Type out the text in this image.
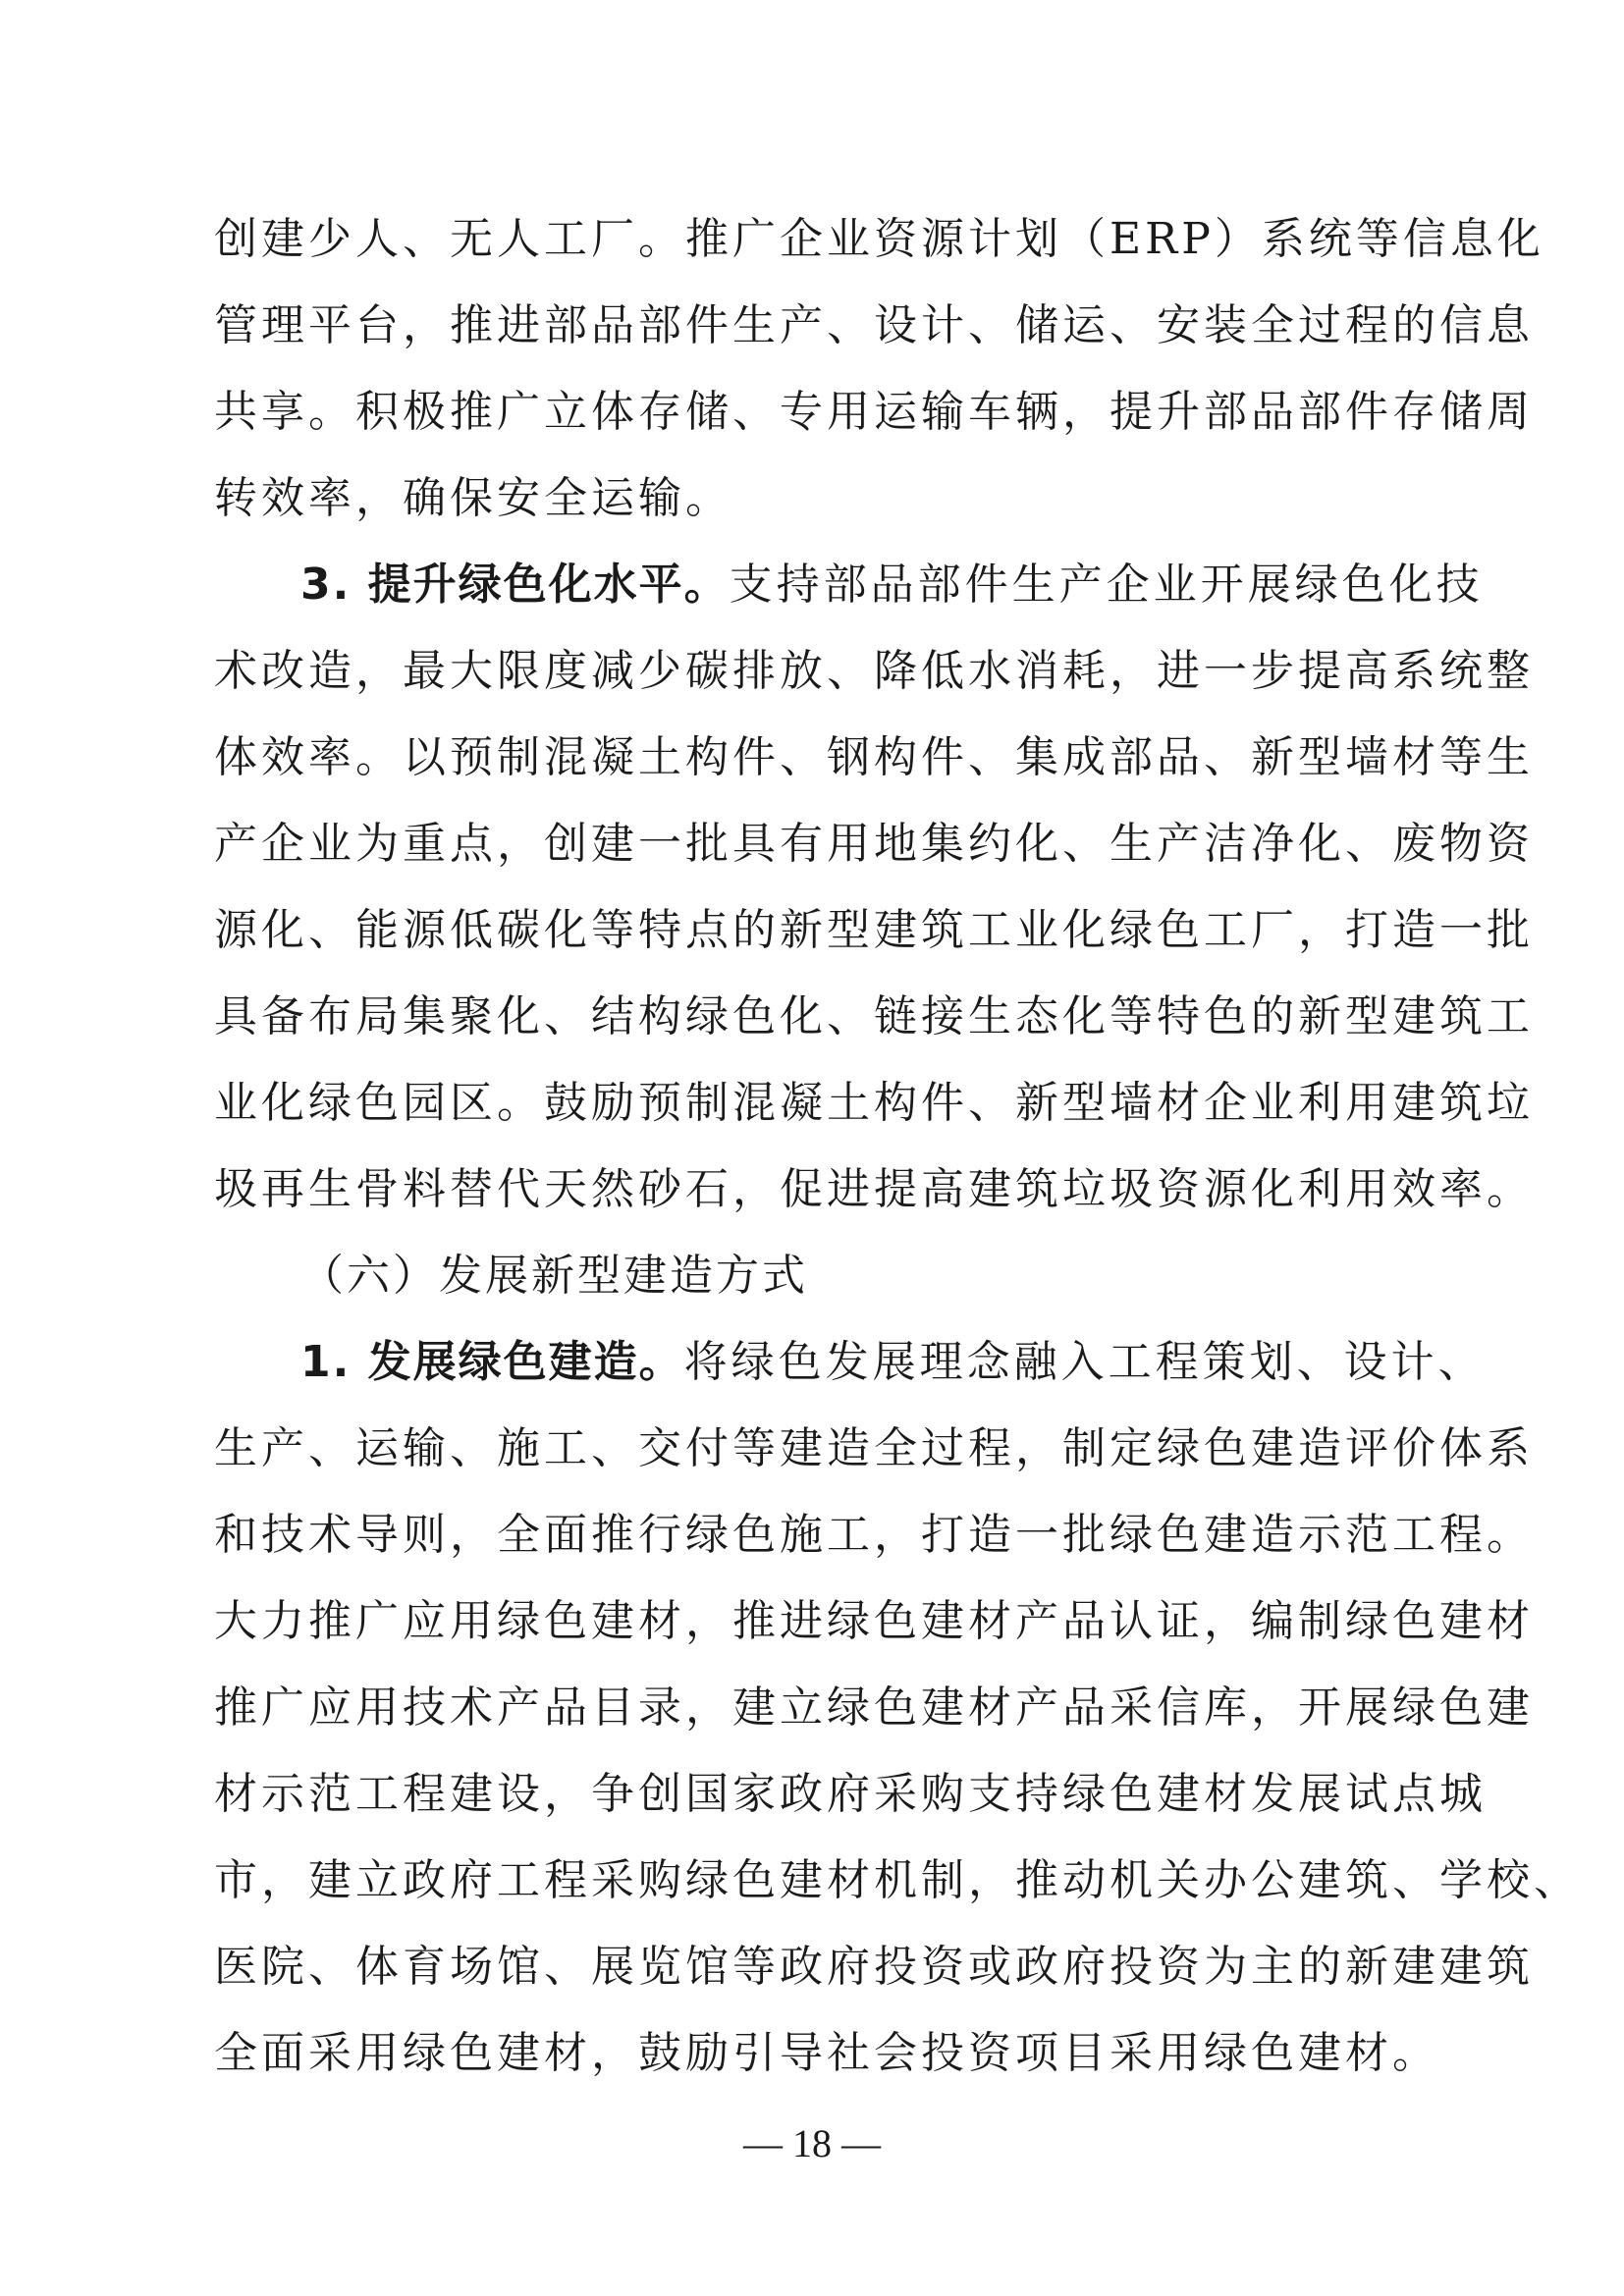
创建少人、无人工厂。推广企业资源计划（ERP）系统等信息化
管理平台，推进部品部件生产、设计、储运、安装全过程的信息
共享。积极推广立体存储、专用运输车辆，提升部品部件存储周
转效率，确保安全运输。
3. 提升绿色化水平。支持部品部件生产企业开展绿色化技
术改造，最大限度减少碳排放、降低水消耗，进一步提高系统整
体效率。以预制混凝土构件、钢构件、集成部品、新型墙材等生
产企业为重点，创建一批具有用地集约化、生产洁净化、废物资
源化、能源低碳化等特点的新型建筑工业化绿色工厂，打造一批
具备布局集聚化、结构绿色化、链接生态化等特色的新型建筑工
业化绿色园区。鼓励预制混凝土构件、新型墙材企业利用建筑垃
圾再生骨料替代天然砂石，促进提高建筑垃圾资源化利用效率。
（六）发展新型建造方式
1. 发展绿色建造。将绿色发展理念融入工程策划、设计、
生产、运输、施工、交付等建造全过程，制定绿色建造评价体系
和技术导则，全面推行绿色施工，打造一批绿色建造示范工程。
大力推广应用绿色建材，推进绿色建材产品认证，编制绿色建材
推广应用技术产品目录，建立绿色建材产品采信库，开展绿色建
材示范工程建设，争创国家政府采购支持绿色建材发展试点城
市，建立政府工程采购绿色建材机制，推动机关办公建筑、学校、
医院、体育场馆、展览馆等政府投资或政府投资为主的新建建筑
全面采用绿色建材，鼓励引导社会投资项目采用绿色建材。
— 18 —
